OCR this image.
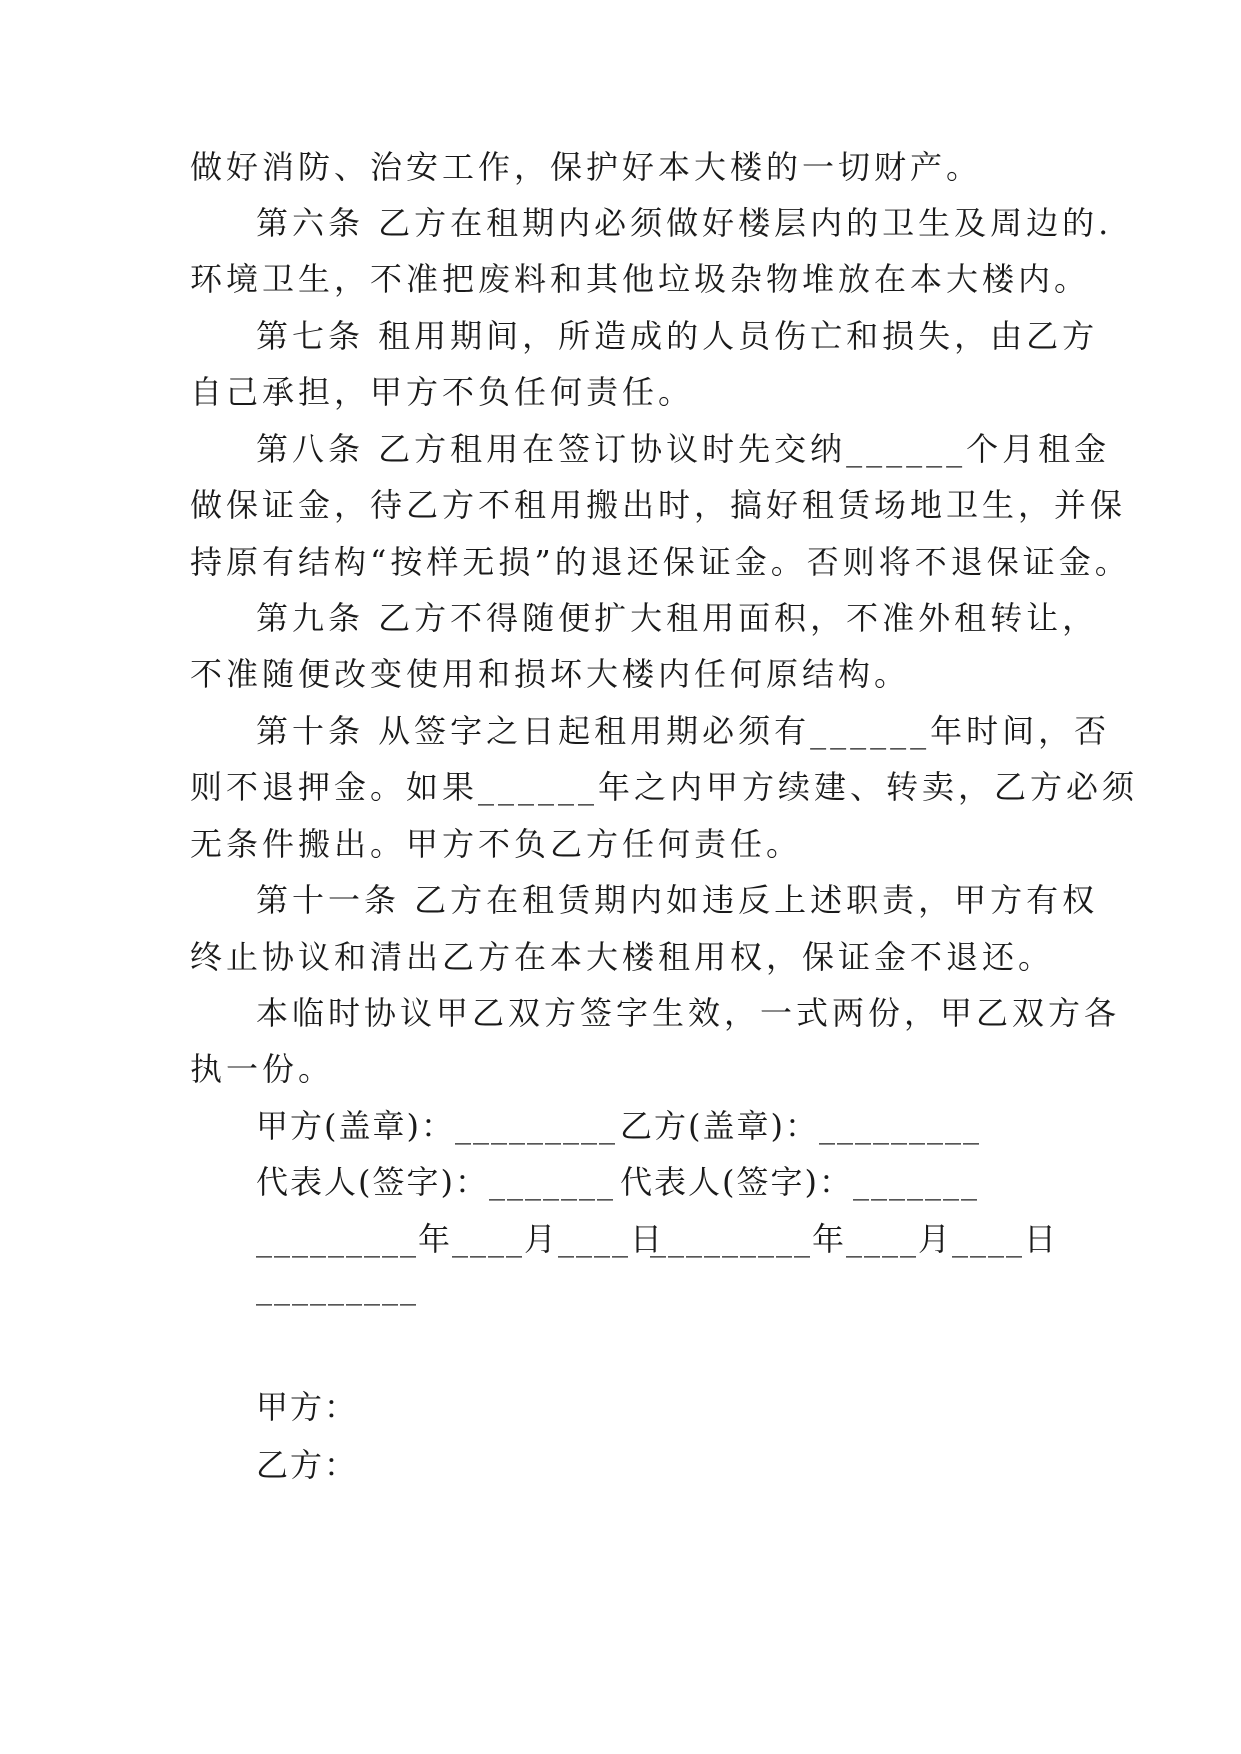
做好消防、治安工作，保护好本大楼的一切财产。
第六条 乙方在租期内必须做好楼层内的卫生及周边的.
环境卫生，不准把废料和其他垃圾杂物堆放在本大楼内。
第七条 租用期间，所造成的人员伤亡和损失，由乙方
自己承担，甲方不负任何责任。
第八条 乙方租用在签订协议时先交纳______个月租金
做保证金，待乙方不租用搬出时，搞好租赁场地卫生，并保
持原有结构“按样无损”的退还保证金。否则将不退保证金。
第九条 乙方不得随便扩大租用面积，不准外租转让，
不准随便改变使用和损坏大楼内任何原结构。
第十条 从签字之日起租用期必须有______年时间，否
则不退押金。如果______年之内甲方续建、转卖，乙方必须
无条件搬出。甲方不负乙方任何责任。
第十一条 乙方在租赁期内如违反上述职责，甲方有权
终止协议和清出乙方在本大楼租用权，保证金不退还。
本临时协议甲乙双方签字生效，一式两份，甲乙双方各
执一份。
甲方(盖章)：_________ 乙方(盖章)：_________
代表人(签字)：_______ 代表人(签字)：_______
_________年____月____日
_________年____月____日
_________
甲方：
乙方：
